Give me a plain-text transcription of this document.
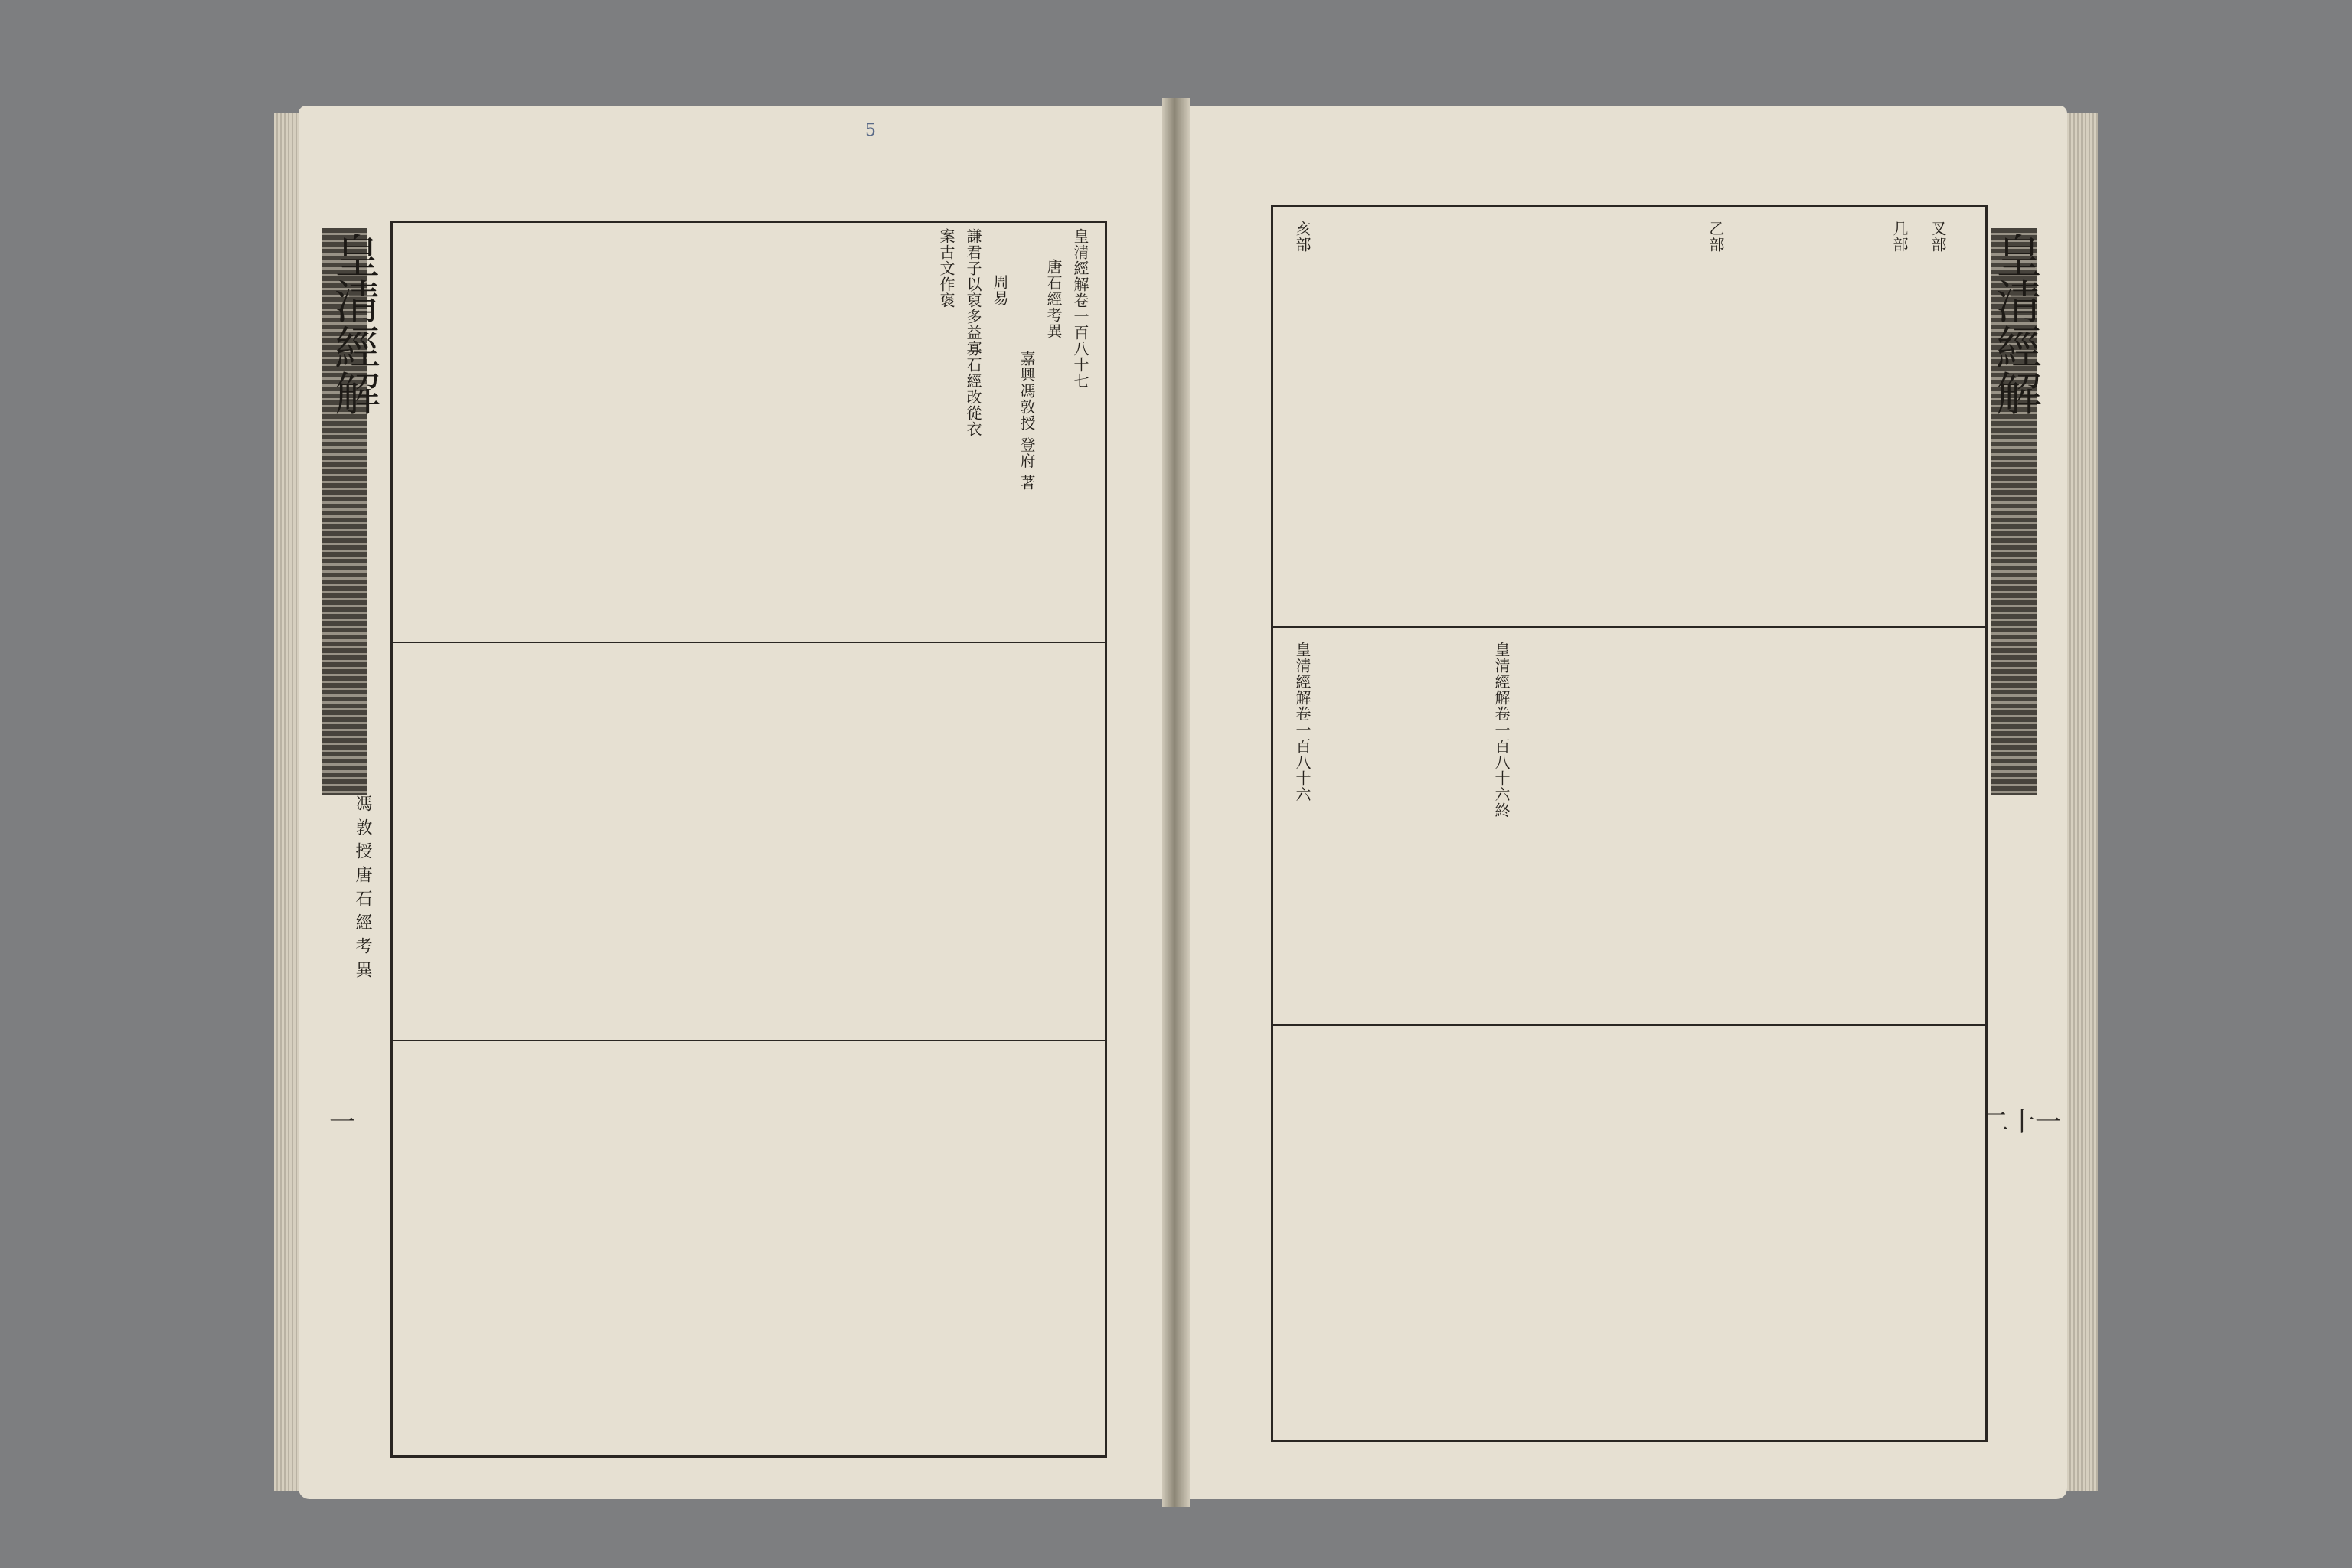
皇清經解
馮 敦 授 唐 石 經 考 異
一
5
皇清經解卷一百八十七
唐石經考異
嘉興馮敦授 登府 著
周易
謙君子以裒多益寡石經改從衣
案古文作褒	皇清經解
二十一
叉部
几部
乙部
亥部
皇清經解卷一百八十六終
皇清經解卷一百八十六
